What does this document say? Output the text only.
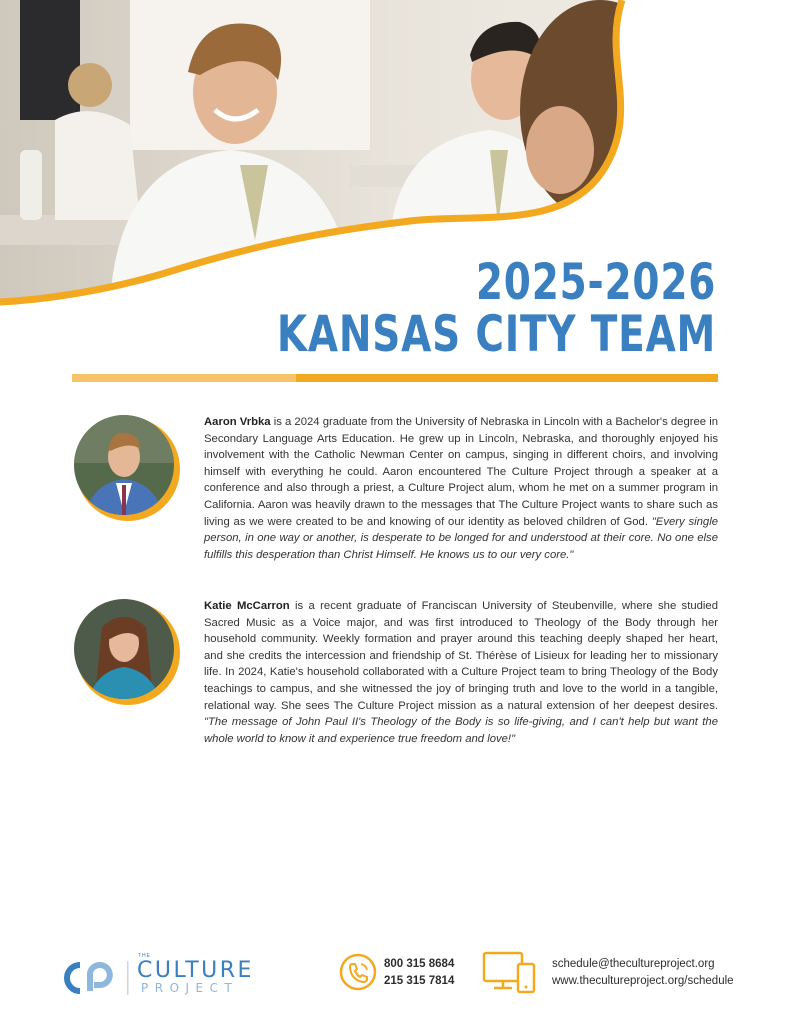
2025-2026
KANSAS CITY TEAM
Aaron Vrbka is a 2024 graduate from the University of Nebraska in Lincoln with a Bachelor's degree in Secondary Language Arts Education. He grew up in Lincoln, Nebraska, and thoroughly enjoyed his involvement with the Catholic Newman Center on campus, singing in different choirs, and involving himself with everything he could. Aaron encountered The Culture Project through a speaker at a conference and also through a priest, a Culture Project alum, whom he met on a summer program in California. Aaron was heavily drawn to the messages that The Culture Project wants to share such as living as we were created to be and knowing of our identity as beloved children of God. "Every single person, in one way or another, is desperate to be longed for and understood at their core. No one else fulfills this desperation than Christ Himself. He knows us to our very core."
Katie McCarron is a recent graduate of Franciscan University of Steubenville, where she studied Sacred Music as a Voice major, and was first introduced to Theology of the Body through her household community. Weekly formation and prayer around this teaching deeply shaped her heart, and she credits the intercession and friendship of St. Thérèse of Lisieux for leading her to missionary life. In 2024, Katie's household collaborated with a Culture Project team to bring Theology of the Body teachings to campus, and she witnessed the joy of bringing truth and love to the world in a tangible, relational way. She sees The Culture Project mission as a natural extension of her deepest desires. "The message of John Paul II's Theology of the Body is so life-giving, and I can't help but want the whole world to know it and experience true freedom and love!"
THE
CULTURE
PROJECT
800 315 8684
215 315 7814
schedule@thecultureproject.org
www.thecultureproject.org/schedule
